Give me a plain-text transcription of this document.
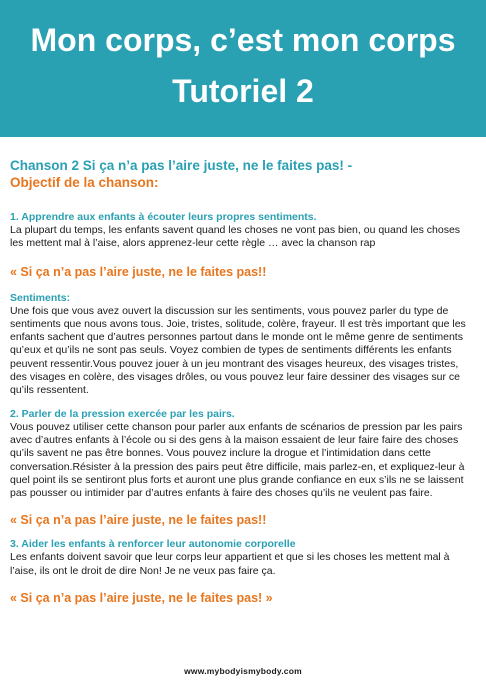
Mon corps, c’est mon corps
Tutoriel 2
Chanson 2 Si ça n’a pas l’aire juste, ne le faites pas! -
Objectif de la chanson:
1. Apprendre aux enfants à écouter leurs propres sentiments.
La plupart du temps, les enfants savent quand les choses ne vont pas bien, ou quand les choses les mettent mal à l’aise, alors apprenez-leur cette règle … avec la chanson rap
« Si ça n’a pas l’aire juste, ne le faites pas!!
Sentiments:
Une fois que vous avez ouvert la discussion sur les sentiments, vous pouvez parler du type de sentiments que nous avons tous. Joie, tristes, solitude, colère, frayeur. Il est très important que les enfants sachent que d’autres personnes partout dans le monde ont le même genre de sentiments qu’eux et qu’ils ne sont pas seuls. Voyez combien de types de sentiments différents les enfants peuvent ressentir.Vous pouvez jouer à un jeu montrant des visages heureux, des visages tristes, des visages en colère, des visages drôles, ou vous pouvez leur faire dessiner des visages sur ce qu’ils ressentent.
2. Parler de la pression exercée par les pairs.
Vous pouvez utiliser cette chanson pour parler aux enfants de scénarios de pression par les pairs avec d’autres enfants à l’école ou si des gens à la maison essaient de leur faire faire des choses qu’ils savent ne pas être bonnes. Vous pouvez inclure la drogue et l’intimidation dans cette conversation.Résister à la pression des pairs peut être difficile, mais parlez-en, et expliquez-leur à quel point ils se sentiront plus forts et auront une plus grande confiance en eux s’ils ne se laissent pas pousser ou intimider par d’autres enfants à faire des choses qu’ils ne veulent pas faire.
« Si ça n’a pas l’aire juste, ne le faites pas!!
3. Aider les enfants à renforcer leur autonomie corporelle
Les enfants doivent savoir que leur corps leur appartient et que si les choses les mettent mal à l’aise, ils ont le droit de dire Non! Je ne veux pas faire ça.
« Si ça n’a pas l’aire juste, ne le faites pas! »
www.mybodyismybody.com
